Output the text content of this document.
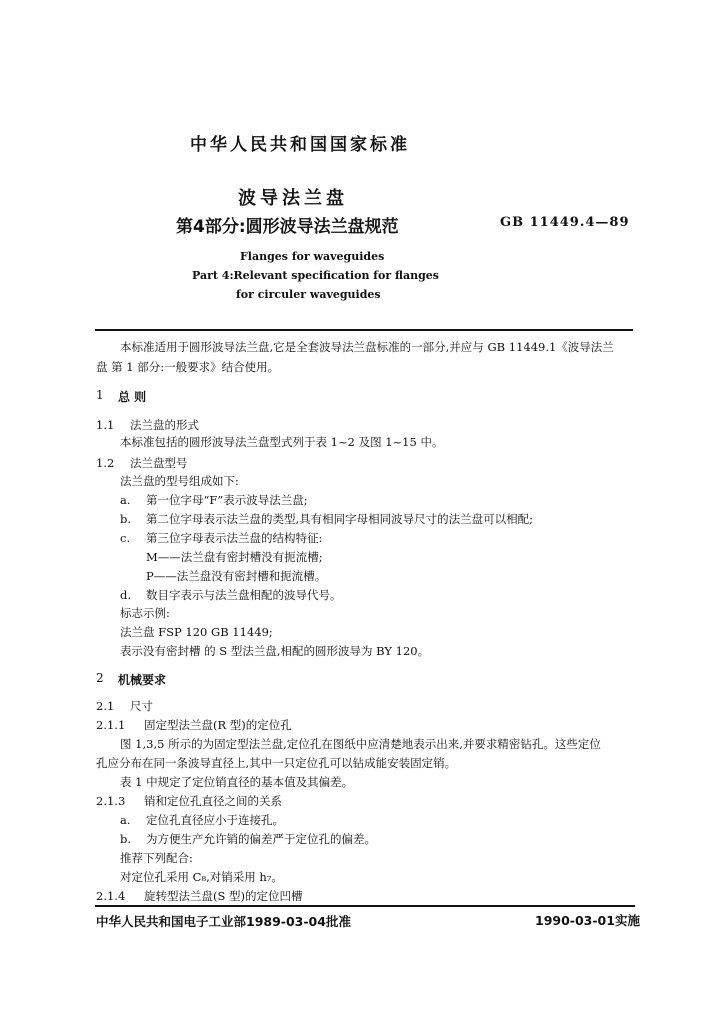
中华人民共和国国家标准
波导法兰盘
第4部分:圆形波导法兰盘规范	GB 11449.4—89
Flanges for waveguides
Part 4:Relevant specification for flanges
for circuler waveguides
本标准适用于圆形波导法兰盘,它是全套波导法兰盘标准的一部分,并应与 GB 11449.1《波导法兰
盘 第 1 部分:一般要求》结合使用。
1 总 则
1.1 法兰盘的形式
本标准包括的圆形波导法兰盘型式列于表 1~2 及图 1~15 中。
1.2 法兰盘型号
法兰盘的型号组成如下:
a. 第一位字母“F”表示波导法兰盘;
b. 第二位字母表示法兰盘的类型,具有相同字母相同波导尺寸的法兰盘可以相配;
c. 第三位字母表示法兰盘的结构特征:
M——法兰盘有密封槽没有扼流槽;
P——法兰盘没有密封槽和扼流槽。
d. 数目字表示与法兰盘相配的波导代号。
标志示例:
法兰盘 FSP 120 GB 11449;
表示没有密封槽 的 S 型法兰盘,相配的圆形波导为 BY 120。
2 机械要求
2.1 尺寸
2.1.1 固定型法兰盘(R 型)的定位孔
图 1,3,5 所示的为固定型法兰盘,定位孔在图纸中应清楚地表示出来,并要求精密钻孔。这些定位
孔应分布在同一条波导直径上,其中一只定位孔可以钻成能安装固定销。
表 1 中规定了定位销直径的基本值及其偏差。
2.1.3 销和定位孔直径之间的关系
a. 定位孔直径应小于连接孔。
b. 为方便生产允许销的偏差严于定位孔的偏差。
推荐下列配合:
对定位孔采用 C₈,对销采用 h₇。
2.1.4 旋转型法兰盘(S 型)的定位凹槽
中华人民共和国电子工业部1989-03-04批准	1990-03-01实施
